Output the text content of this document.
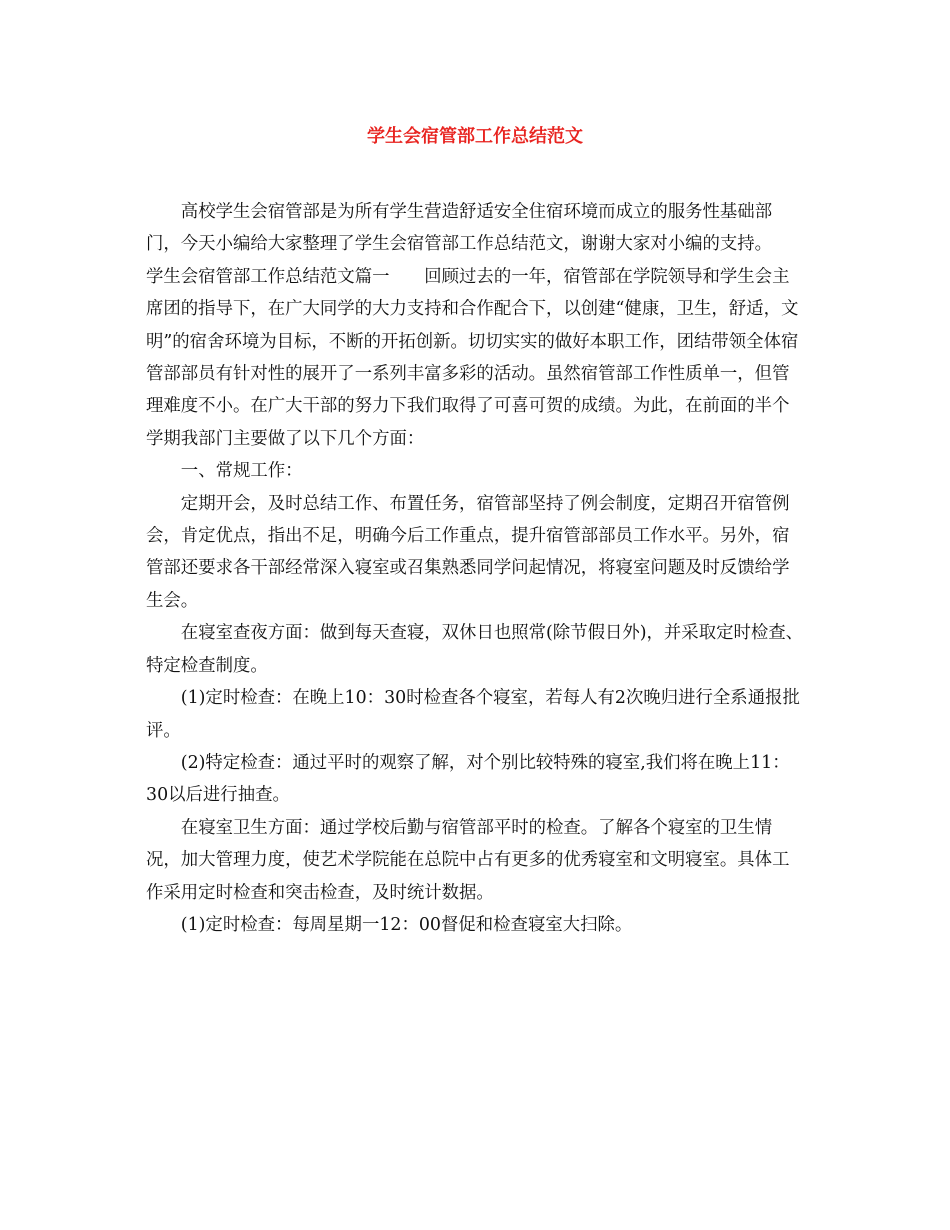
学生会宿管部工作总结范文

高校学生会宿管部是为所有学生营造舒适安全住宿环境而成立的服务性基础部门，今天小编给大家整理了学生会宿管部工作总结范文，谢谢大家对小编的支持。

学生会宿管部工作总结范文篇一　　回顾过去的一年，宿管部在学院领导和学生会主席团的指导下，在广大同学的大力支持和合作配合下，以创建“健康，卫生，舒适，文明”的宿舍环境为目标，不断的开拓创新。切切实实的做好本职工作，团结带领全体宿管部部员有针对性的展开了一系列丰富多彩的活动。虽然宿管部工作性质单一，但管理难度不小。在广大干部的努力下我们取得了可喜可贺的成绩。为此，在前面的半个学期我部门主要做了以下几个方面：

一、常规工作：

定期开会，及时总结工作、布置任务，宿管部坚持了例会制度，定期召开宿管例会，肯定优点，指出不足，明确今后工作重点，提升宿管部部员工作水平。另外，宿管部还要求各干部经常深入寝室或召集熟悉同学问起情况，将寝室问题及时反馈给学生会。

在寝室查夜方面：做到每天查寝，双休日也照常(除节假日外)，并采取定时检查、特定检查制度。

(1)定时检查：在晚上10：30时检查各个寝室，若每人有2次晚归进行全系通报批评。

(2)特定检查：通过平时的观察了解，对个别比较特殊的寝室,我们将在晚上11：30以后进行抽查。

在寝室卫生方面：通过学校后勤与宿管部平时的检查。了解各个寝室的卫生情况，加大管理力度，使艺术学院能在总院中占有更多的优秀寝室和文明寝室。具体工作采用定时检查和突击检查，及时统计数据。

(1)定时检查：每周星期一12：00督促和检查寝室大扫除。
